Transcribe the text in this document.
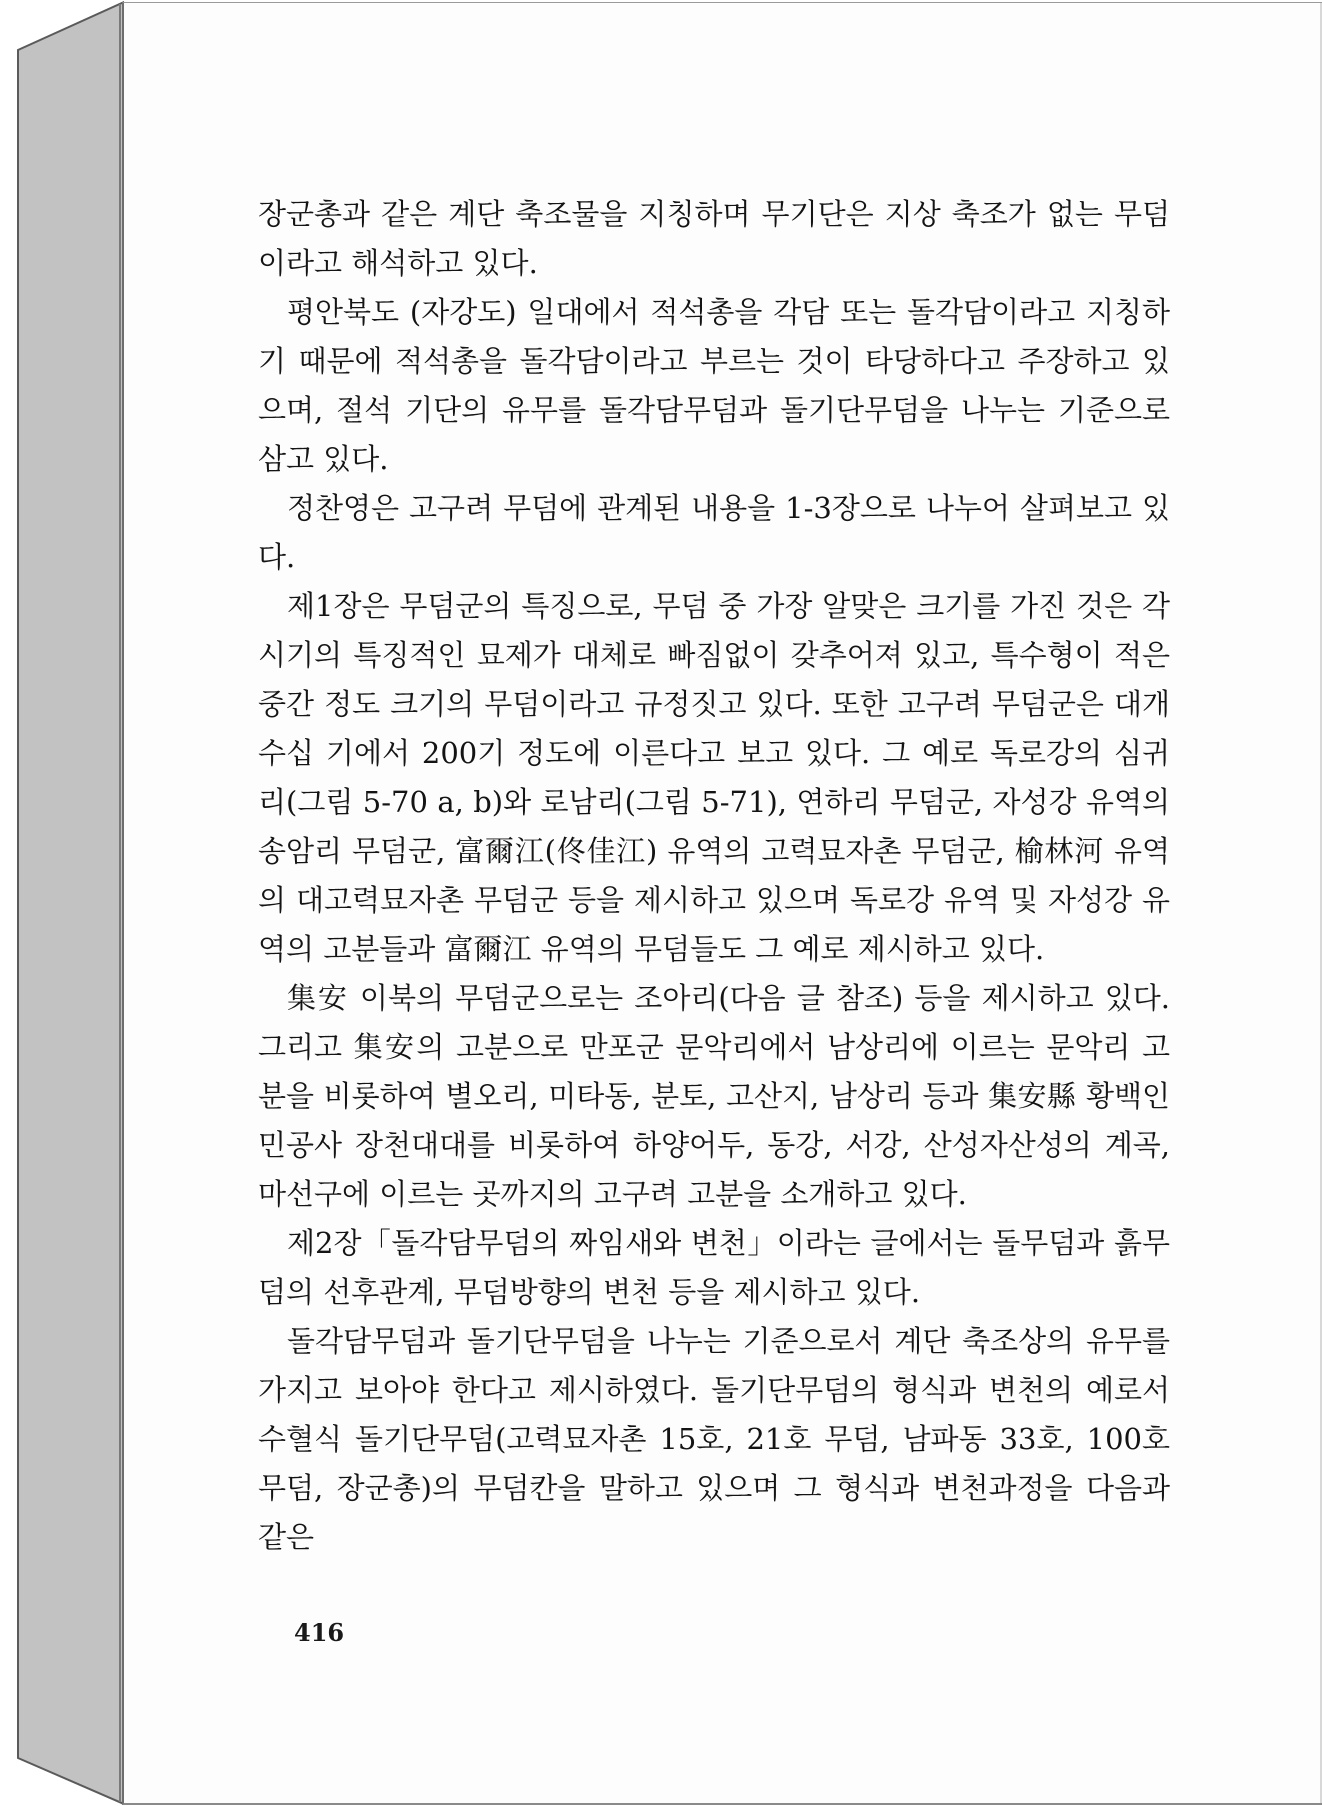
장군총과 같은 계단 축조물을 지칭하며 무기단은 지상 축조가 없는 무덤이라고 해석하고 있다.

평안북도 (자강도) 일대에서 적석총을 각담 또는 돌각담이라고 지칭하기 때문에 적석총을 돌각담이라고 부르는 것이 타당하다고 주장하고 있으며, 절석 기단의 유무를 돌각담무덤과 돌기단무덤을 나누는 기준으로 삼고 있다.

정찬영은 고구려 무덤에 관계된 내용을 1-3장으로 나누어 살펴보고 있다.

제1장은 무덤군의 특징으로, 무덤 중 가장 알맞은 크기를 가진 것은 각 시기의 특징적인 묘제가 대체로 빠짐없이 갖추어져 있고, 특수형이 적은 중간 정도 크기의 무덤이라고 규정짓고 있다. 또한 고구려 무덤군은 대개 수십 기에서 200기 정도에 이른다고 보고 있다. 그 예로 독로강의 심귀리(그림 5-70 a, b)와 로남리(그림 5-71), 연하리 무덤군, 자성강 유역의 송암리 무덤군, 富爾江(佟佳江) 유역의 고력묘자촌 무덤군, 榆林河 유역의 대고력묘자촌 무덤군 등을 제시하고 있으며 독로강 유역 및 자성강 유역의 고분들과 富爾江 유역의 무덤들도 그 예로 제시하고 있다.

集安 이북의 무덤군으로는 조아리(다음 글 참조) 등을 제시하고 있다. 그리고 集安의 고분으로 만포군 문악리에서 남상리에 이르는 문악리 고분을 비롯하여 별오리, 미타동, 분토, 고산지, 남상리 등과 集安縣 황백인민공사 장천대대를 비롯하여 하양어두, 동강, 서강, 산성자산성의 계곡, 마선구에 이르는 곳까지의 고구려 고분을 소개하고 있다.

제2장「돌각담무덤의 짜임새와 변천」이라는 글에서는 돌무덤과 흙무덤의 선후관계, 무덤방향의 변천 등을 제시하고 있다.

돌각담무덤과 돌기단무덤을 나누는 기준으로서 계단 축조상의 유무를 가지고 보아야 한다고 제시하였다. 돌기단무덤의 형식과 변천의 예로서 수혈식 돌기단무덤(고력묘자촌 15호, 21호 무덤, 남파동 33호, 100호 무덤, 장군총)의 무덤칸을 말하고 있으며 그 형식과 변천과정을 다음과 같은

416
